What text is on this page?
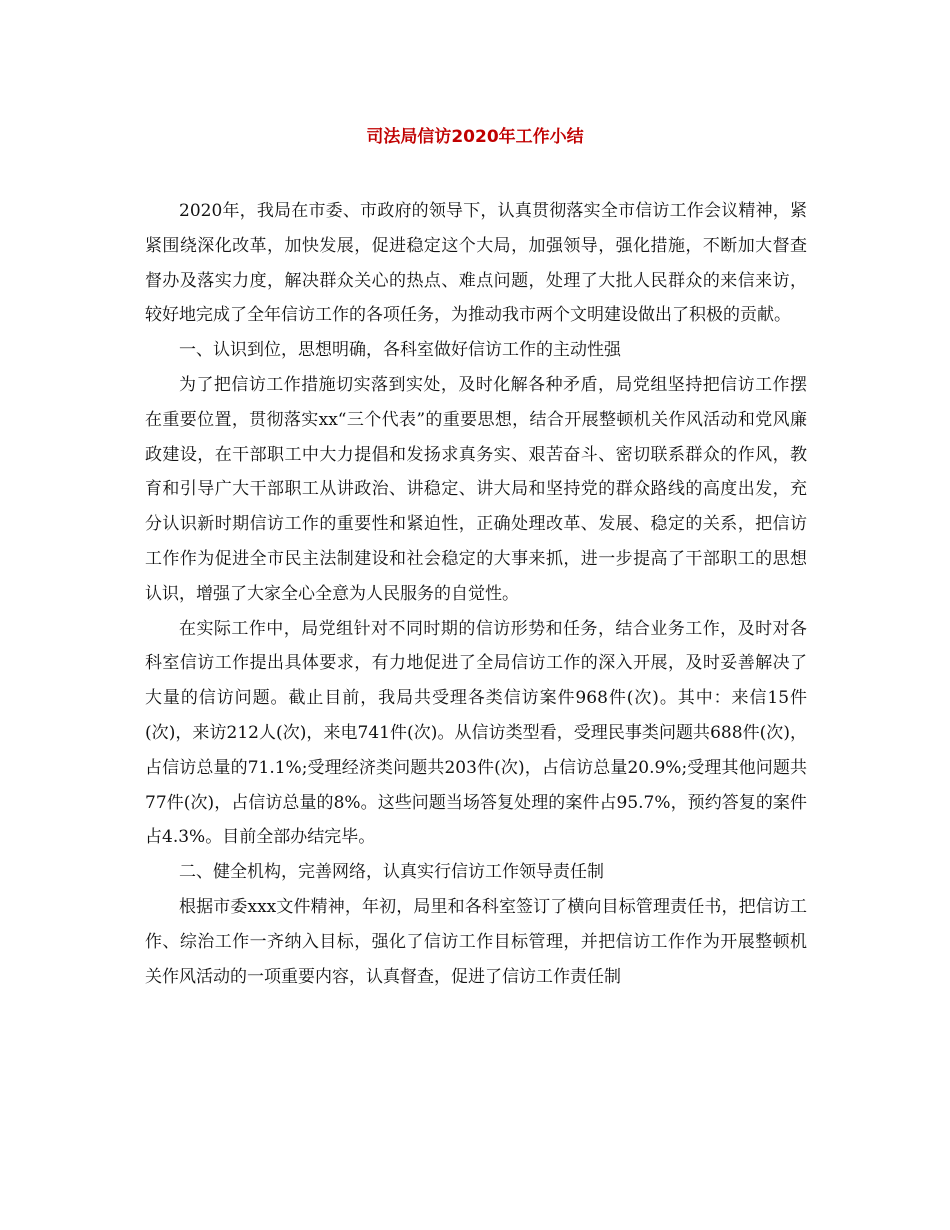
司法局信访2020年工作小结

2020年，我局在市委、市政府的领导下，认真贯彻落实全市信访工作会议精神，紧紧围绕深化改革，加快发展，促进稳定这个大局，加强领导，强化措施，不断加大督查督办及落实力度，解决群众关心的热点、难点问题，处理了大批人民群众的来信来访，较好地完成了全年信访工作的各项任务，为推动我市两个文明建设做出了积极的贡献。

一、认识到位，思想明确，各科室做好信访工作的主动性强

为了把信访工作措施切实落到实处，及时化解各种矛盾，局党组坚持把信访工作摆在重要位置，贯彻落实xx“三个代表”的重要思想，结合开展整顿机关作风活动和党风廉政建设，在干部职工中大力提倡和发扬求真务实、艰苦奋斗、密切联系群众的作风，教育和引导广大干部职工从讲政治、讲稳定、讲大局和坚持党的群众路线的高度出发，充分认识新时期信访工作的重要性和紧迫性，正确处理改革、发展、稳定的关系，把信访工作作为促进全市民主法制建设和社会稳定的大事来抓，进一步提高了干部职工的思想认识，增强了大家全心全意为人民服务的自觉性。

在实际工作中，局党组针对不同时期的信访形势和任务，结合业务工作，及时对各科室信访工作提出具体要求，有力地促进了全局信访工作的深入开展，及时妥善解决了大量的信访问题。截止目前，我局共受理各类信访案件968件(次)。其中：来信15件(次)，来访212人(次)，来电741件(次)。从信访类型看，受理民事类问题共688件(次)，占信访总量的71.1%;受理经济类问题共203件(次)，占信访总量20.9%;受理其他问题共77件(次)，占信访总量的8%。这些问题当场答复处理的案件占95.7%，预约答复的案件占4.3%。目前全部办结完毕。

二、健全机构，完善网络，认真实行信访工作领导责任制

根据市委xxx文件精神，年初，局里和各科室签订了横向目标管理责任书，把信访工作、综治工作一齐纳入目标，强化了信访工作目标管理，并把信访工作作为开展整顿机关作风活动的一项重要内容，认真督查，促进了信访工作责任制
